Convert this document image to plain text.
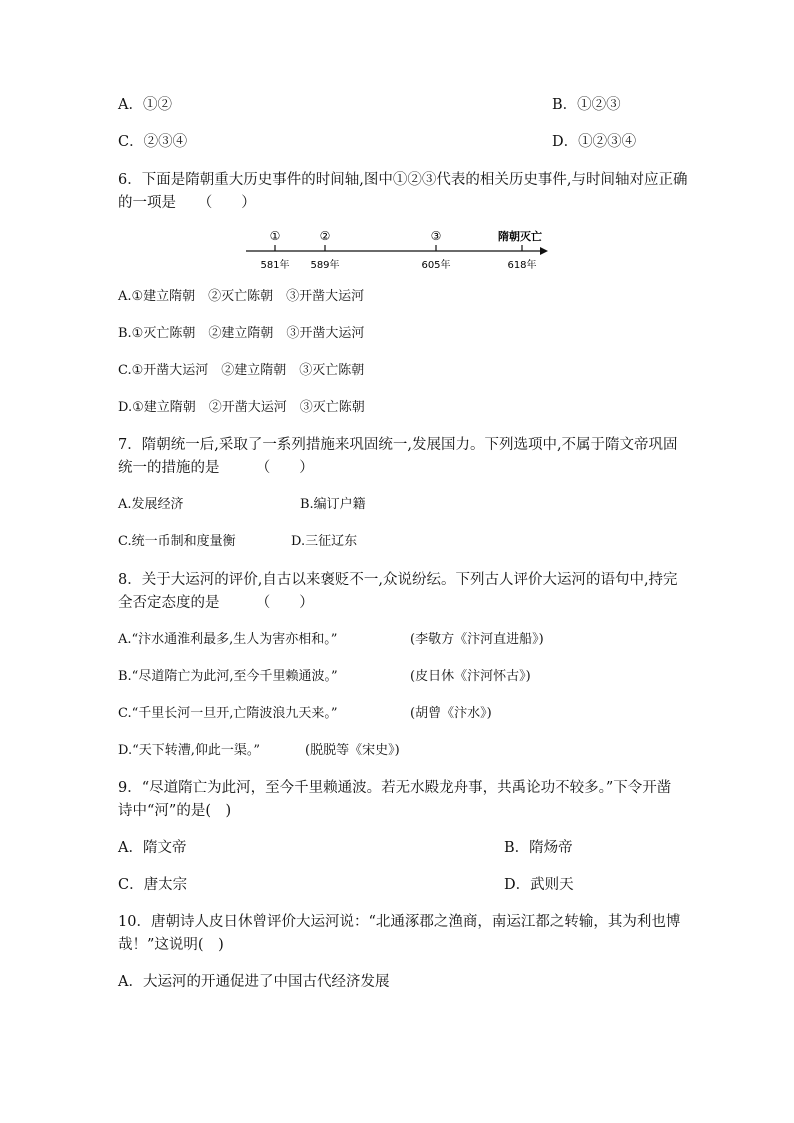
A．①②	B．①②③
C．②③④	D．①②③④
6．下面是隋朝重大历史事件的时间轴,图中①②③代表的相关历史事件,与时间轴对应正确
的一项是　　（　　）
①	②	③	隋朝灭亡
581年 589年	605年	618年
A.①建立隋朝　②灭亡陈朝　③开凿大运河
B.①灭亡陈朝　②建立隋朝　③开凿大运河
C.①开凿大运河　②建立隋朝　③灭亡陈朝
D.①建立隋朝　②开凿大运河　③灭亡陈朝
7．隋朝统一后,采取了一系列措施来巩固统一,发展国力。下列选项中,不属于隋文帝巩固
统一的措施的是　　　（　　）
A.发展经济	B.编订户籍
C.统一币制和度量衡	D.三征辽东
8．关于大运河的评价,自古以来褒贬不一,众说纷纭。下列古人评价大运河的语句中,持完
全否定态度的是　　　（　　）
A.“汴水通淮利最多,生人为害亦相和。”	(李敬方《汴河直进船》)
B.“尽道隋亡为此河,至今千里赖通波。”	(皮日休《汴河怀古》)
C.“千里长河一旦开,亡隋波浪九天来。”	(胡曾《汴水》)
D.“天下转漕,仰此一渠。”	(脱脱等《宋史》)
9．“尽道隋亡为此河，至今千里赖通波。若无水殿龙舟事，共禹论功不较多。”下令开凿
诗中“河”的是(　)
A．隋文帝	B．隋炀帝
C．唐太宗	D．武则天
10．唐朝诗人皮日休曾评价大运河说：“北通涿郡之渔商，南运江都之转输，其为利也博
哉！”这说明(　)
A．大运河的开通促进了中国古代经济发展
